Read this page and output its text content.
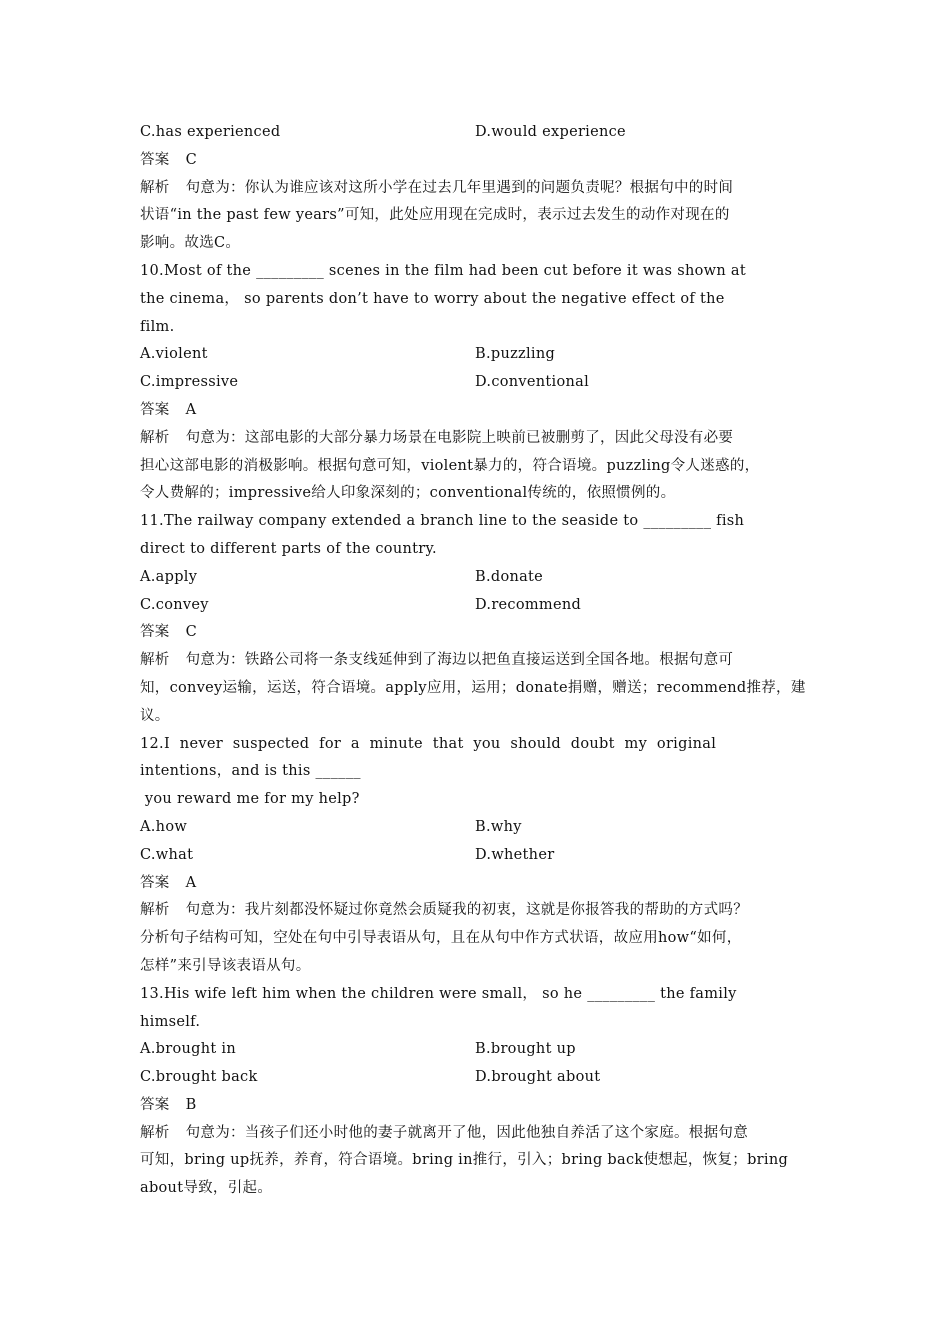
C.has experienced	D.would experience
答案 C
解析 句意为：你认为谁应该对这所小学在过去几年里遇到的问题负责呢？根据句中的时间
状语“in the past few years”可知，此处应用现在完成时，表示过去发生的动作对现在的
影响。故选C。
10.Most of the _________ scenes in the film had been cut before it was shown at
the cinema， so parents don’t have to worry about the negative effect of the
film.
A.violent	B.puzzling
C.impressive	D.conventional
答案 A
解析 句意为：这部电影的大部分暴力场景在电影院上映前已被删剪了，因此父母没有必要
担心这部电影的消极影响。根据句意可知，violent暴力的，符合语境。puzzling令人迷惑的，
令人费解的；impressive给人印象深刻的；conventional传统的，依照惯例的。
11.The railway company extended a branch line to the seaside to _________ fish
direct to different parts of the country.
A.apply	B.donate
C.convey	D.recommend
答案 C
解析 句意为：铁路公司将一条支线延伸到了海边以把鱼直接运送到全国各地。根据句意可
知，convey运输，运送，符合语境。apply应用，运用；donate捐赠，赠送；recommend推荐，建
议。
12.I  never  suspected  for  a  minute  that  you  should  doubt  my  original
intentions，and is this ______
you reward me for my help?
A.how	B.why
C.what	D.whether
答案 A
解析 句意为：我片刻都没怀疑过你竟然会质疑我的初衷，这就是你报答我的帮助的方式吗？
分析句子结构可知，空处在句中引导表语从句，且在从句中作方式状语，故应用how“如何，
怎样”来引导该表语从句。
13.His wife left him when the children were small， so he _________ the family
himself.
A.brought in	B.brought up
C.brought back	D.brought about
答案 B
解析 句意为：当孩子们还小时他的妻子就离开了他，因此他独自养活了这个家庭。根据句意
可知，bring up抚养，养育，符合语境。bring in推行，引入；bring back使想起，恢复；bring
about导致，引起。
